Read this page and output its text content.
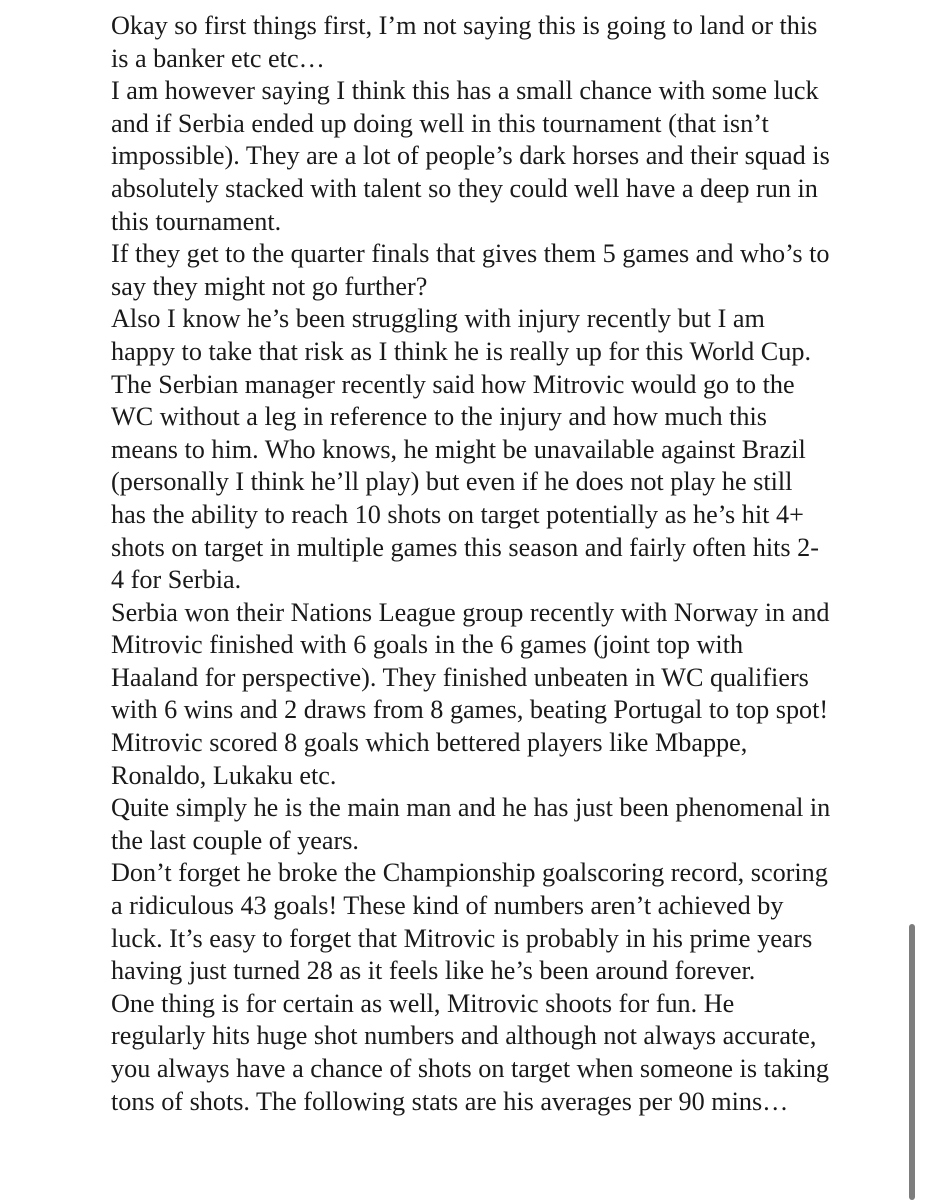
Okay so first things first, I’m not saying this is going to land or this is a banker etc etc…
I am however saying I think this has a small chance with some luck and if Serbia ended up doing well in this tournament (that isn’t impossible). They are a lot of people’s dark horses and their squad is absolutely stacked with talent so they could well have a deep run in this tournament.
If they get to the quarter finals that gives them 5 games and who’s to say they might not go further?
Also I know he’s been struggling with injury recently but I am happy to take that risk as I think he is really up for this World Cup. The Serbian manager recently said how Mitrovic would go to the WC without a leg in reference to the injury and how much this means to him. Who knows, he might be unavailable against Brazil (personally I think he’ll play) but even if he does not play he still has the ability to reach 10 shots on target potentially as he’s hit 4+ shots on target in multiple games this season and fairly often hits 2-4 for Serbia.
Serbia won their Nations League group recently with Norway in and Mitrovic finished with 6 goals in the 6 games (joint top with Haaland for perspective). They finished unbeaten in WC qualifiers with 6 wins and 2 draws from 8 games, beating Portugal to top spot! Mitrovic scored 8 goals which bettered players like Mbappe, Ronaldo, Lukaku etc.
Quite simply he is the main man and he has just been phenomenal in the last couple of years.
Don’t forget he broke the Championship goalscoring record, scoring a ridiculous 43 goals! These kind of numbers aren’t achieved by luck. It’s easy to forget that Mitrovic is probably in his prime years having just turned 28 as it feels like he’s been around forever.
One thing is for certain as well, Mitrovic shoots for fun. He regularly hits huge shot numbers and although not always accurate, you always have a chance of shots on target when someone is taking tons of shots. The following stats are his averages per 90 mins…
